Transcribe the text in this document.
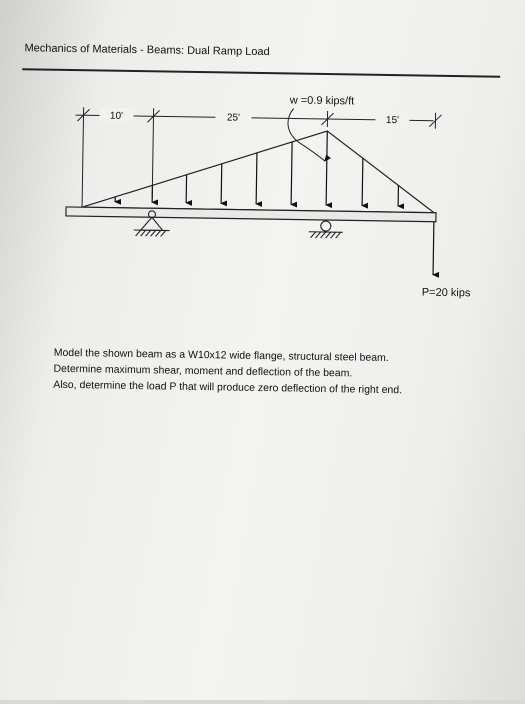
Mechanics of Materials - Beams: Dual Ramp Load
10'	25'	15'
w =0.9 kips/ft
P=20 kips
Model the shown beam as a W10x12 wide flange, structural steel beam.
Determine maximum shear, moment and deflection of the beam.
Also, determine the load P that will produce zero deflection of the right end.
